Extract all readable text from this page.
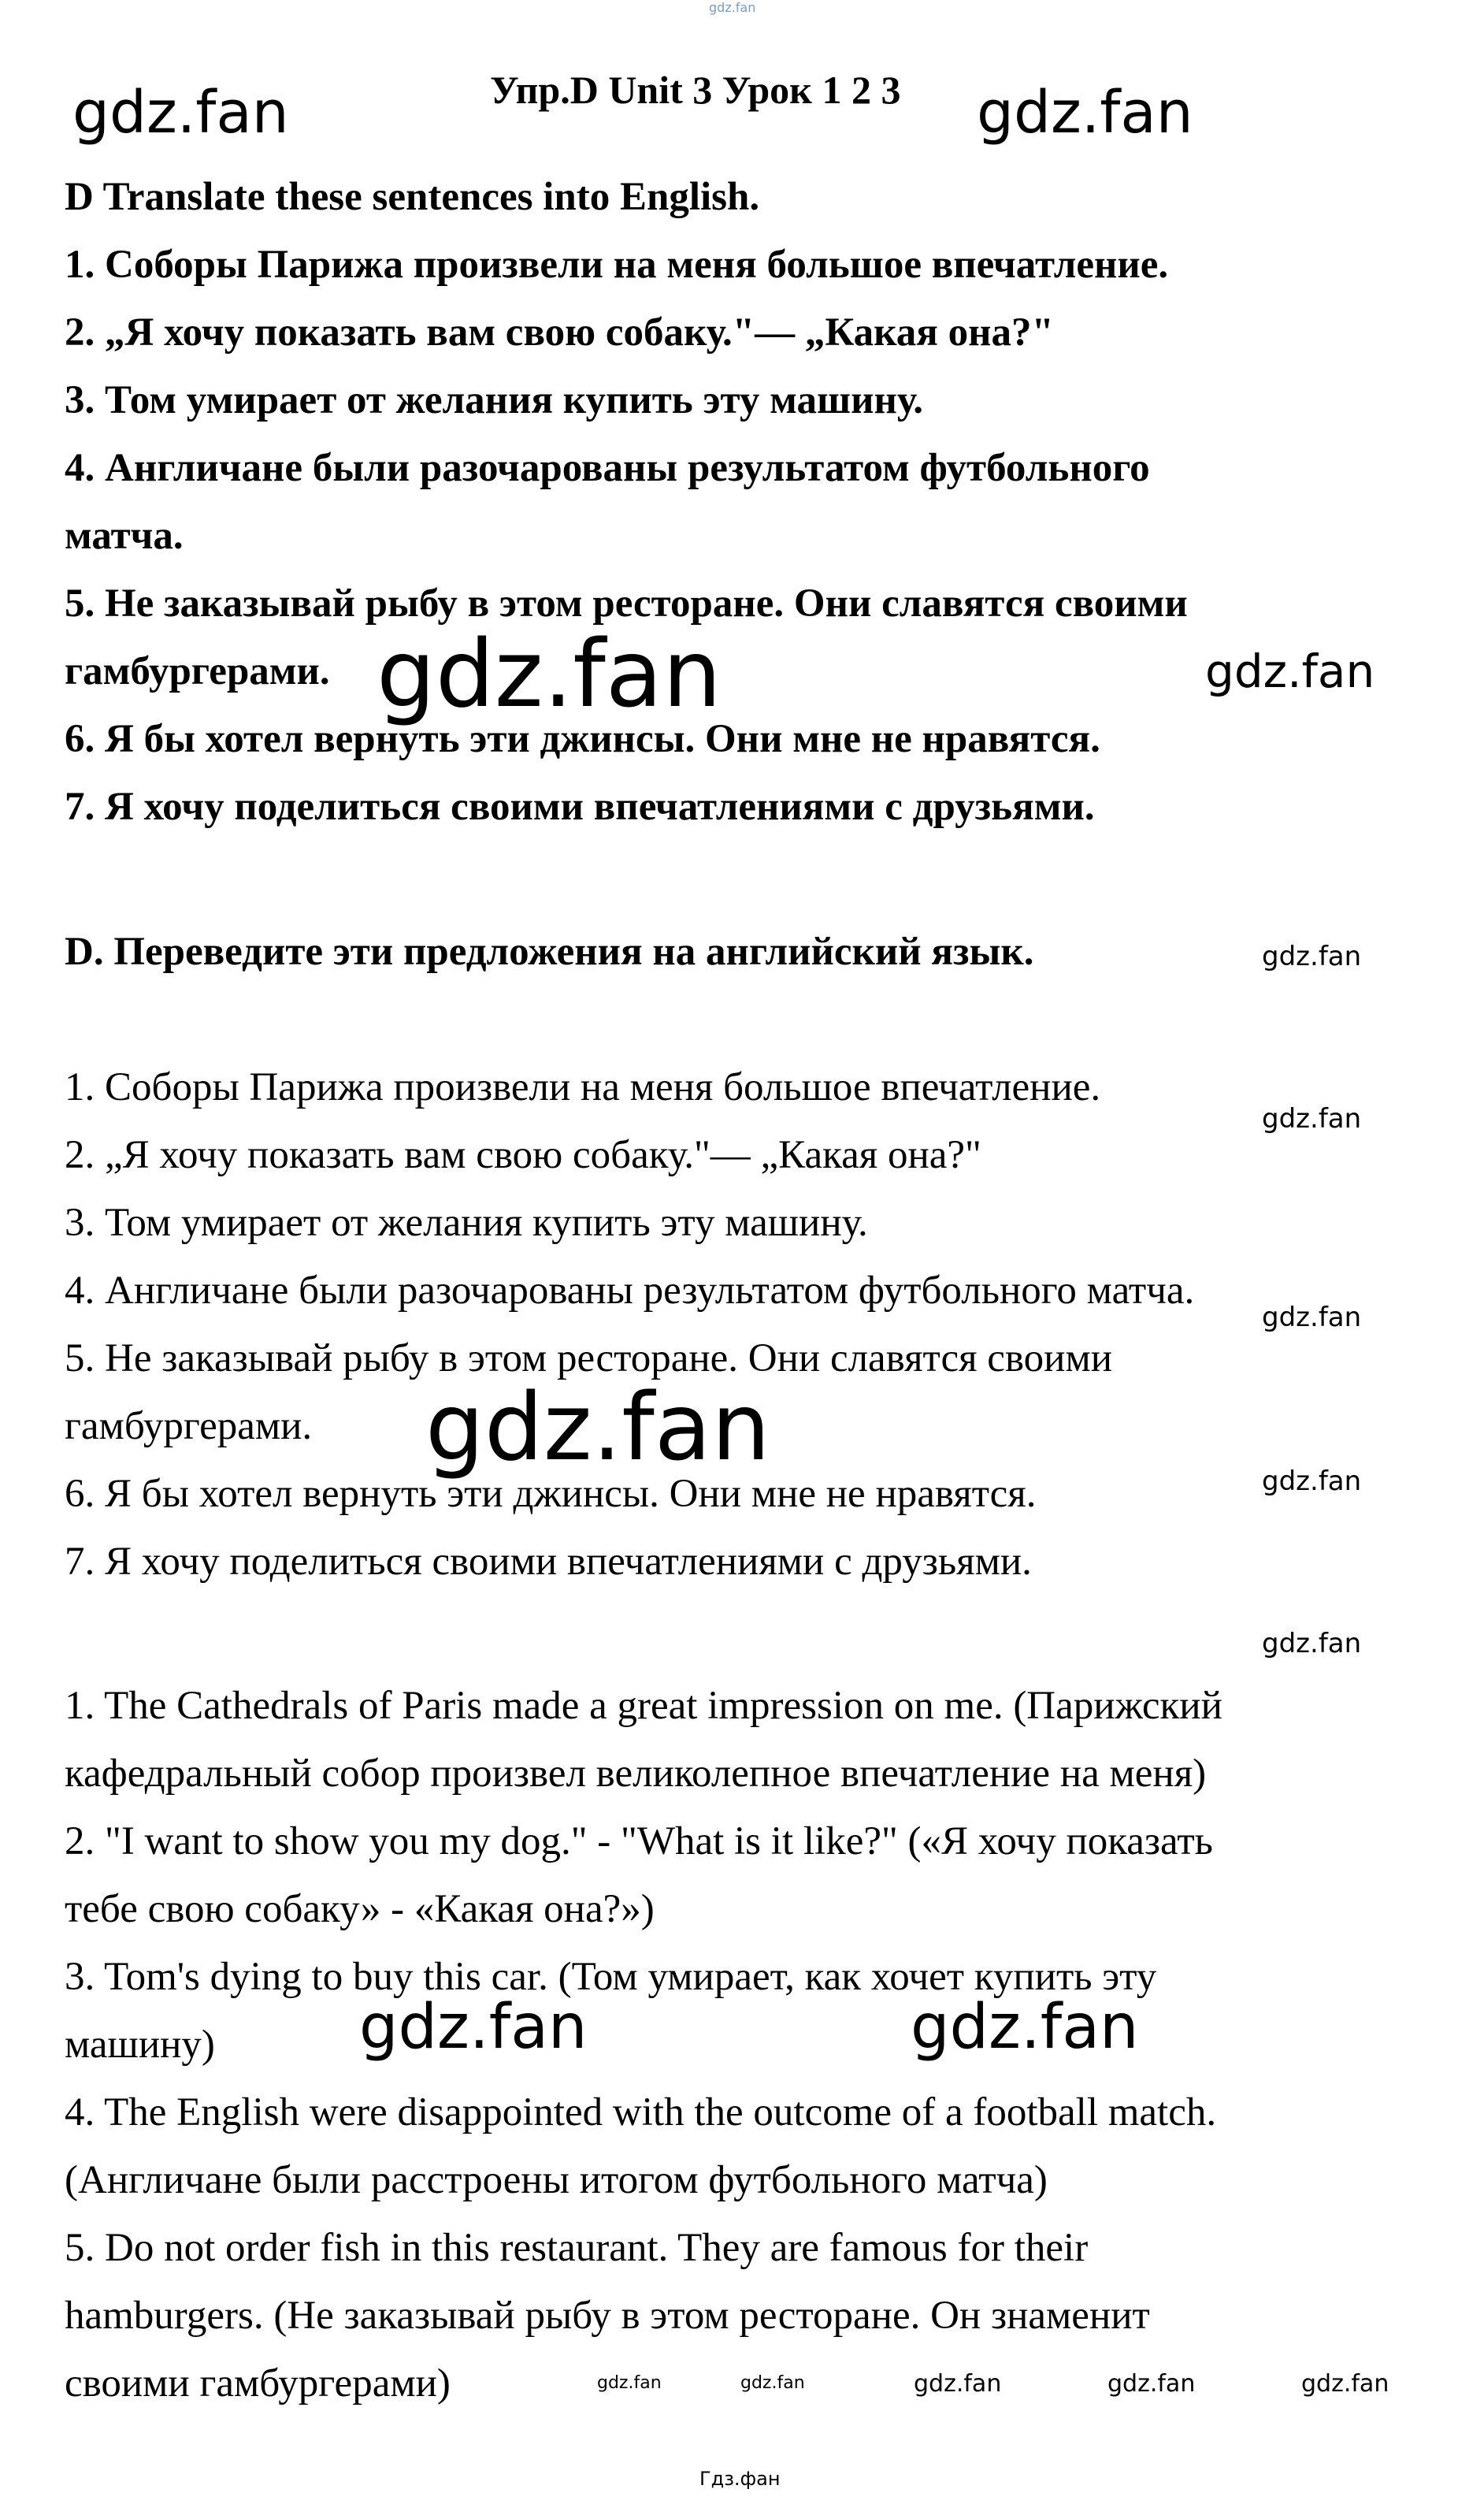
gdz.fan
Упр.D Unit 3 Урок 1 2 3
D Translate these sentences into English.
1. Соборы Парижа произвели на меня большое впечатление.
2. „Я хочу показать вам свою собаку."— „Какая она?"
3. Том умирает от желания купить эту машину.
4. Англичане были разочарованы результатом футбольного
матча.
5. Не заказывай рыбу в этом ресторане. Они славятся своими
гамбургерами.
6. Я бы хотел вернуть эти джинсы. Они мне не нравятся.
7. Я хочу поделиться своими впечатлениями с друзьями.
D. Переведите эти предложения на английский язык.
1. Соборы Парижа произвели на меня большое впечатление.
2. „Я хочу показать вам свою собаку."— „Какая она?"
3. Том умирает от желания купить эту машину.
4. Англичане были разочарованы результатом футбольного матча.
5. Не заказывай рыбу в этом ресторане. Они славятся своими
гамбургерами.
6. Я бы хотел вернуть эти джинсы. Они мне не нравятся.
7. Я хочу поделиться своими впечатлениями с друзьями.
1. The Cathedrals of Paris made a great impression on me. (Парижский
кафедральный собор произвел великолепное впечатление на меня)
2. "I want to show you my dog." - "What is it like?" («Я хочу показать
тебе свою собаку» - «Какая она?»)
3. Tom's dying to buy this car. (Том умирает, как хочет купить эту
машину)
4. The English were disappointed with the outcome of a football match.
(Англичане были расстроены итогом футбольного матча)
5. Do not order fish in this restaurant. They are famous for their
hamburgers. (Не заказывай рыбу в этом ресторане. Он знаменит
своими гамбургерами)
gdz.fan	gdz.fan
gdz.fan	gdz.fan
gdz.fan
gdz.fan
gdz.fan
gdz.fan	gdz.fan
gdz.fan
gdz.fan	gdz.fan
gdz.fan	gdz.fan	gdz.fan	gdz.fan	gdz.fan
Гдз.фан
